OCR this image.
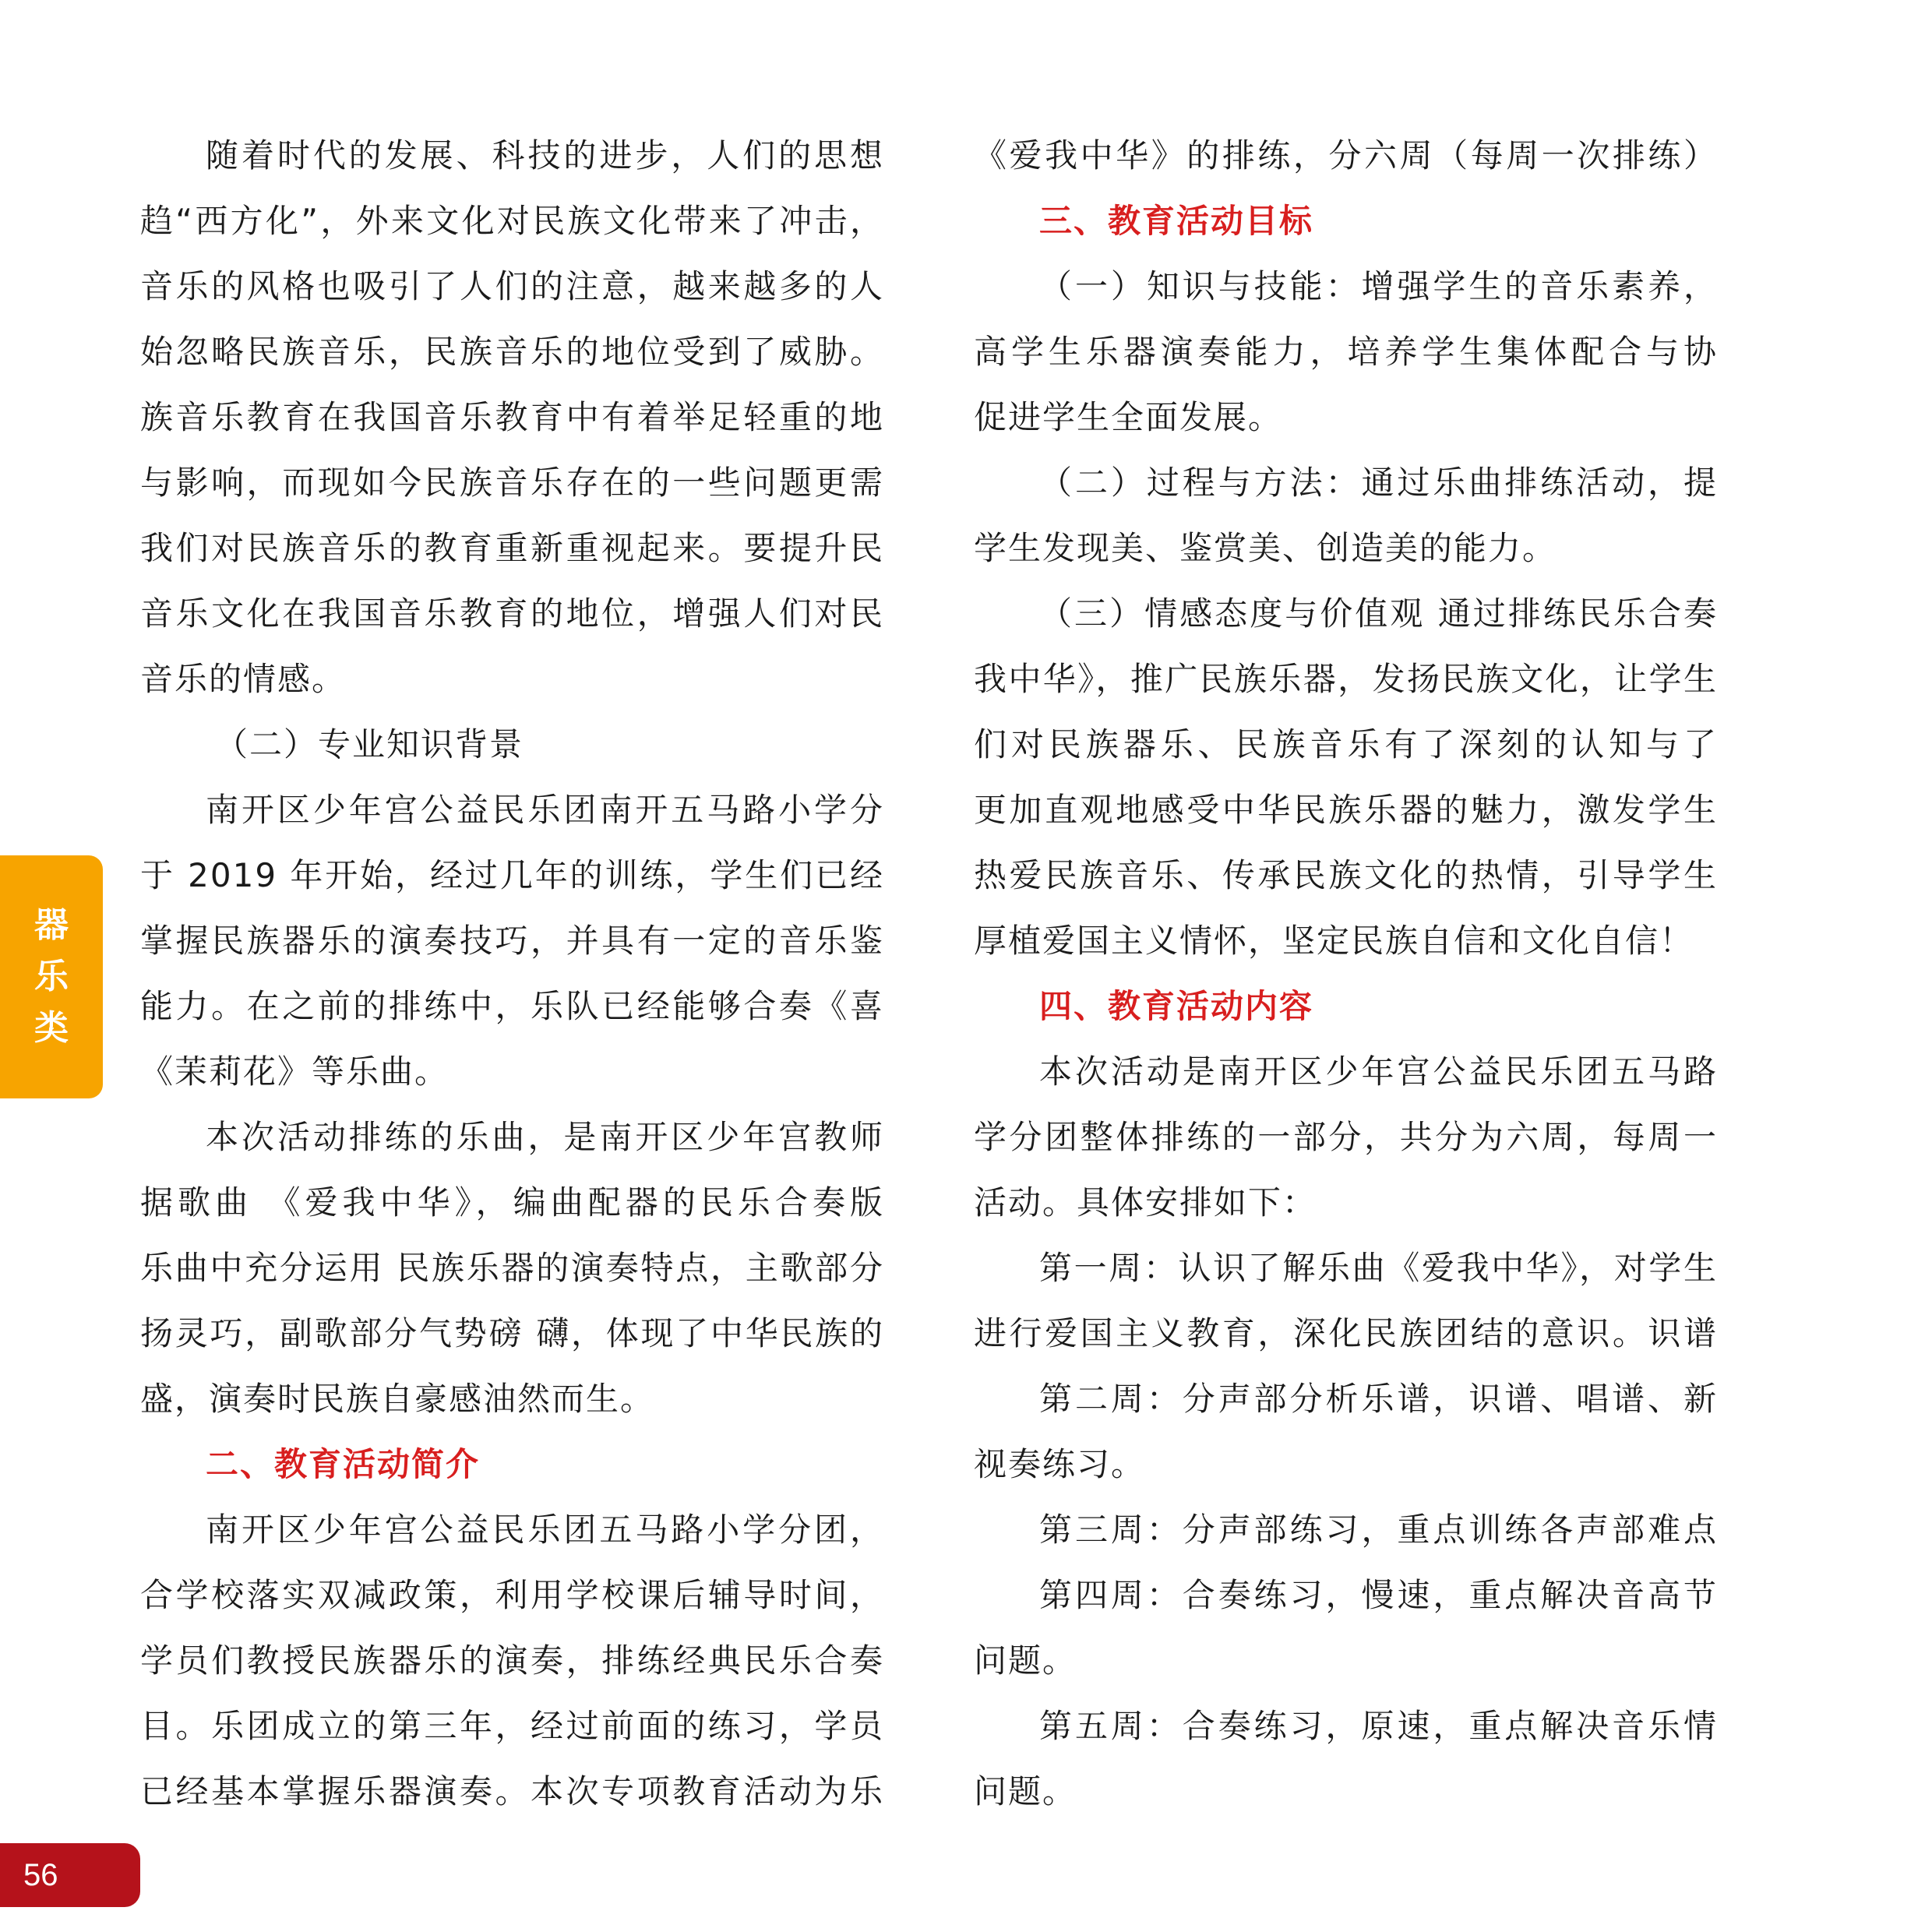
随着时代的发展、科技的进步，人们的思想
趋“西方化”，外来文化对民族文化带来了冲击，
音乐的风格也吸引了人们的注意，越来越多的人
始忽略民族音乐，民族音乐的地位受到了威胁。
族音乐教育在我国音乐教育中有着举足轻重的地
与影响，而现如今民族音乐存在的一些问题更需
我们对民族音乐的教育重新重视起来。要提升民
音乐文化在我国音乐教育的地位，增强人们对民
音乐的情感。
（二）专业知识背景
南开区少年宫公益民乐团南开五马路小学分
于 2019 年开始，经过几年的训练，学生们已经
掌握民族器乐的演奏技巧，并具有一定的音乐鉴
能力。在之前的排练中，乐队已经能够合奏《喜
《茉莉花》等乐曲。
本次活动排练的乐曲，是南开区少年宫教师
据歌曲 《爱我中华》，编曲配器的民乐合奏版
乐曲中充分运用 民族乐器的演奏特点，主歌部分
扬灵巧，副歌部分气势磅 礴，体现了中华民族的
盛，演奏时民族自豪感油然而生。
二、教育活动简介
南开区少年宫公益民乐团五马路小学分团，
合学校落实双减政策，利用学校课后辅导时间，
学员们教授民族器乐的演奏，排练经典民乐合奏
目。乐团成立的第三年，经过前面的练习，学员
已经基本掌握乐器演奏。本次专项教育活动为乐
《爱我中华》的排练，分六周（每周一次排练）
三、教育活动目标
（一）知识与技能：增强学生的音乐素养，
高学生乐器演奏能力，培养学生集体配合与协
促进学生全面发展。
（二）过程与方法：通过乐曲排练活动，提
学生发现美、鉴赏美、创造美的能力。
（三）情感态度与价值观 通过排练民乐合奏
我中华》，推广民族乐器，发扬民族文化，让学生
们对民族器乐、民族音乐有了深刻的认知与了
更加直观地感受中华民族乐器的魅力，激发学生
热爱民族音乐、传承民族文化的热情，引导学生
厚植爱国主义情怀，坚定民族自信和文化自信！
四、教育活动内容
本次活动是南开区少年宫公益民乐团五马路
学分团整体排练的一部分，共分为六周，每周一
活动。具体安排如下：
第一周：认识了解乐曲《爱我中华》，对学生
进行爱国主义教育，深化民族团结的意识。识谱
第二周：分声部分析乐谱，识谱、唱谱、新
视奏练习。
第三周：分声部练习，重点训练各声部难点
第四周：合奏练习，慢速，重点解决音高节
问题。
第五周：合奏练习，原速，重点解决音乐情
问题。
器
乐
类
56
